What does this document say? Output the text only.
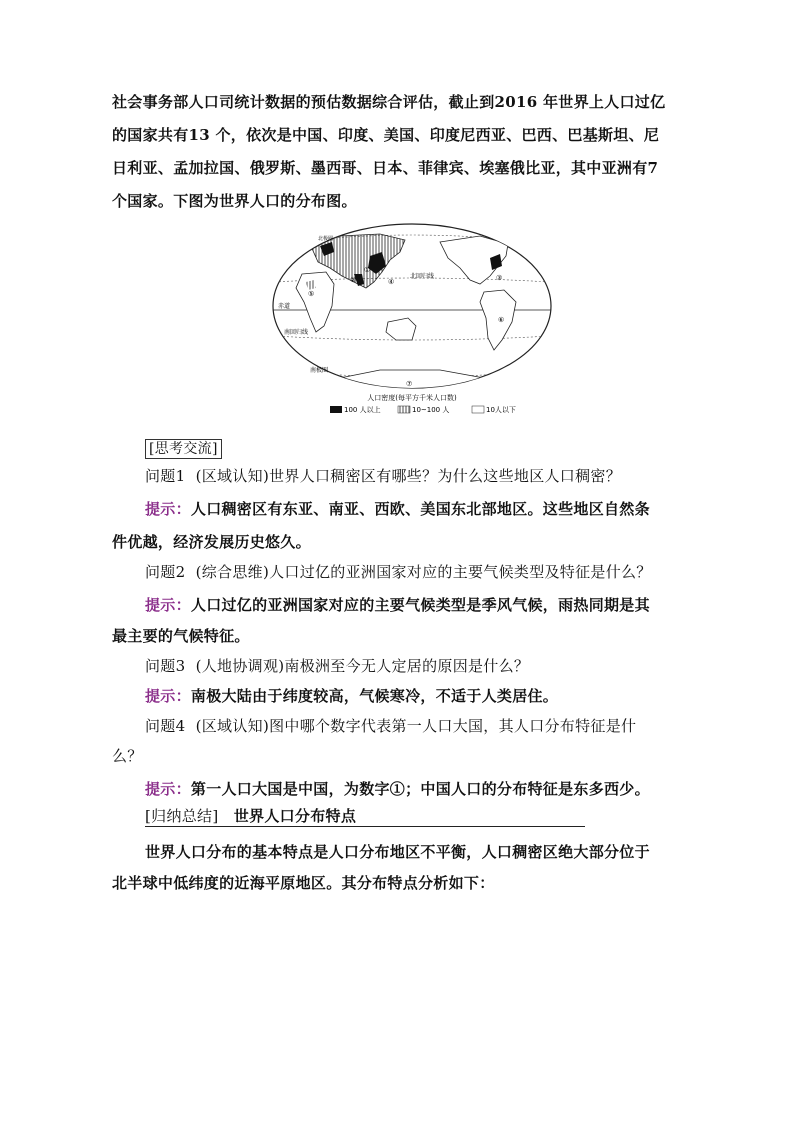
社会事务部人口司统计数据的预估数据综合评估，截止到2016 年世界上人口过亿
的国家共有13 个，依次是中国、印度、美国、印度尼西亚、巴西、巴基斯坦、尼
日利亚、孟加拉国、俄罗斯、墨西哥、日本、菲律宾、埃塞俄比亚，其中亚洲有7
个国家。下图为世界人口的分布图。
北回归线
赤道
南回归线
南极圈
北极圈
①
②	③
④
⑤
⑥
⑦
人口密度(每平方千米人口数)
100 人以上	10~100 人	10人以下
[思考交流]
问题1 (区域认知)世界人口稠密区有哪些？为什么这些地区人口稠密？
提示：人口稠密区有东亚、南亚、西欧、美国东北部地区。这些地区自然条
件优越，经济发展历史悠久。
问题2 (综合思维)人口过亿的亚洲国家对应的主要气候类型及特征是什么？
提示：人口过亿的亚洲国家对应的主要气候类型是季风气候，雨热同期是其
最主要的气候特征。
问题3 (人地协调观)南极洲至今无人定居的原因是什么？
提示：南极大陆由于纬度较高，气候寒冷，不适于人类居住。
问题4 (区域认知)图中哪个数字代表第一人口大国，其人口分布特征是什
么？
提示：第一人口大国是中国，为数字①；中国人口的分布特征是东多西少。
[归纳总结] 世界人口分布特点
世界人口分布的基本特点是人口分布地区不平衡，人口稠密区绝大部分位于
北半球中低纬度的近海平原地区。其分布特点分析如下：
